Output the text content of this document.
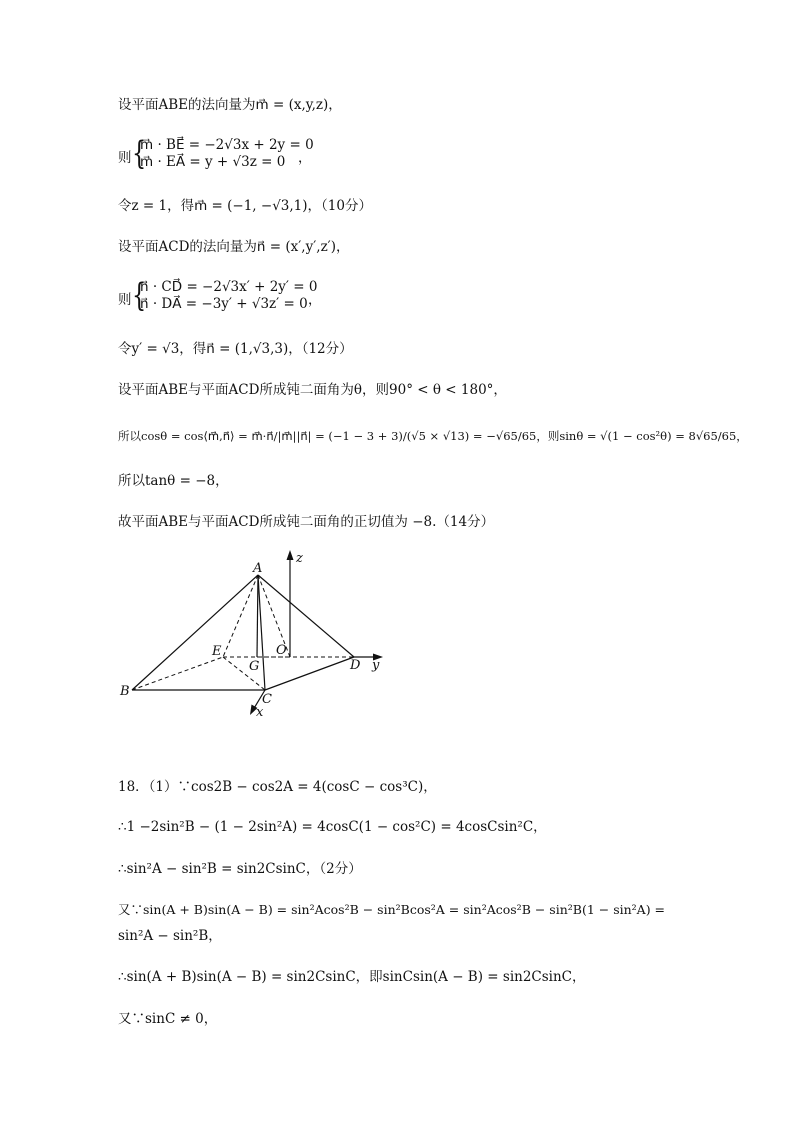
设平面ABE的法向量为m⃗ = (x,y,z)，
则 {
m⃗ · BE⃗ = −2√3x + 2y = 0
m⃗ · EA⃗ = y + √3z = 0 ，
令z = 1，得m⃗ = (−1, −√3,1)，（10分）
设平面ACD的法向量为n⃗ = (x′,y′,z′)，
则 {
n⃗ · CD⃗ = −2√3x′ + 2y′ = 0
n⃗ · DA⃗ = −3y′ + √3z′ = 0 ，
令y′ = √3，得n⃗ = (1,√3,3)，（12分）
设平面ABE与平面ACD所成钝二面角为θ，则90° < θ < 180°，
所以cosθ = cos⟨m⃗,n⃗⟩ = m⃗·n⃗/|m⃗||n⃗| = (−1 − 3 + 3)/(√5 × √13) = −√65/65，则sinθ = √(1 − cos²θ) = 8√65/65，
所以tanθ = −8，
故平面ABE与平面ACD所成钝二面角的正切值为 −8.（14分）
A
B
C
D
E
G
O
x
y
z
18．（1）∵cos2B − cos2A = 4(cosC − cos³C)，
∴1 −2sin²B − (1 − 2sin²A) = 4cosC(1 − cos²C) = 4cosCsin²C，
∴sin²A − sin²B = sin2CsinC，（2分）
又∵sin(A + B)sin(A − B) = sin²Acos²B − sin²Bcos²A = sin²Acos²B − sin²B(1 − sin²A) =
sin²A − sin²B，
∴sin(A + B)sin(A − B) = sin2CsinC，即sinCsin(A − B) = sin2CsinC，
又∵sinC ≠ 0，
